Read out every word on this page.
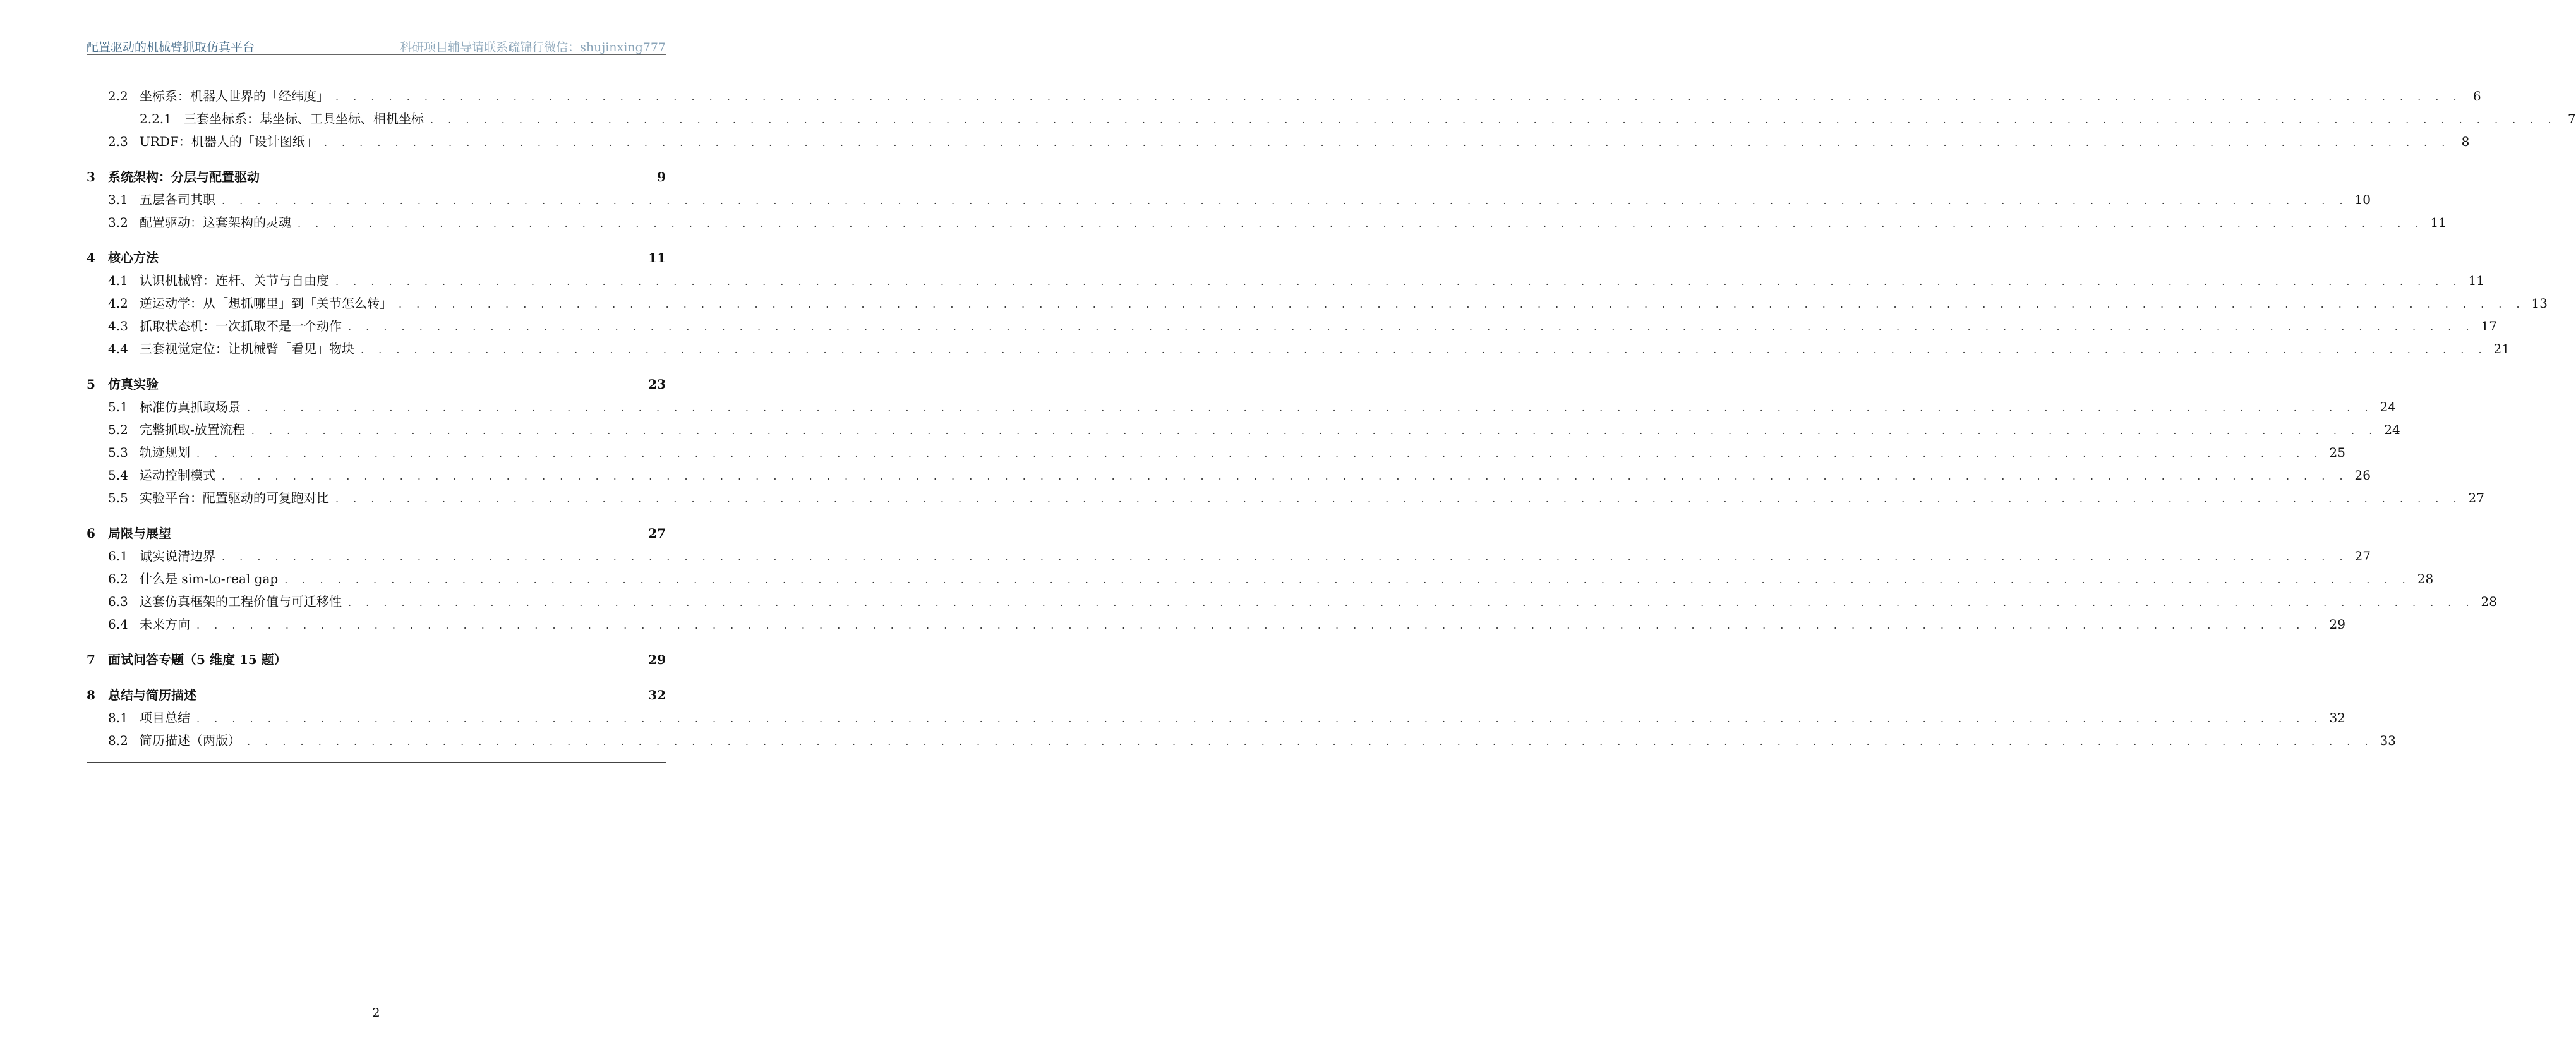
配置驱动的机械臂抓取仿真平台	科研项目辅导请联系疏锦行微信：shujinxing777
2.2 坐标系：机器人世界的「经纬度」 . . . . . . . . . . . . . . . . . . . . . . . . . . . . . . . . . . . . . . . . . . . . . . . . . . . . . . . . . . . . . . . . . . . . . . . . . . . . . . . . . . . . . . . . . . . . . . . . . . . . . . . . . . . . . . . . . . . . . . . . 6
2.2.1 三套坐标系：基坐标、工具坐标、相机坐标 . . . . . . . . . . . . . . . . . . . . . . . . . . . . . . . . . . . . . . . . . . . . . . . . . . . . . . . . . . . . . . . . . . . . . . . . . . . . . . . . . . . . . . . . . . . . . . . . . . . . . . . . . . . . . . . . . . . . . . . . 7
2.3 URDF：机器人的「设计图纸」 . . . . . . . . . . . . . . . . . . . . . . . . . . . . . . . . . . . . . . . . . . . . . . . . . . . . . . . . . . . . . . . . . . . . . . . . . . . . . . . . . . . . . . . . . . . . . . . . . . . . . . . . . . . . . . . . . . . . . . . . 8
3	系统架构：分层与配置驱动	9
3.1 五层各司其职 . . . . . . . . . . . . . . . . . . . . . . . . . . . . . . . . . . . . . . . . . . . . . . . . . . . . . . . . . . . . . . . . . . . . . . . . . . . . . . . . . . . . . . . . . . . . . . . . . . . . . . . . . . . . . . . . . . . . . . . . 10
3.2 配置驱动：这套架构的灵魂 . . . . . . . . . . . . . . . . . . . . . . . . . . . . . . . . . . . . . . . . . . . . . . . . . . . . . . . . . . . . . . . . . . . . . . . . . . . . . . . . . . . . . . . . . . . . . . . . . . . . . . . . . . . . . . . . . . . . . . . . 11
4	核心方法	11
4.1 认识机械臂：连杆、关节与自由度 . . . . . . . . . . . . . . . . . . . . . . . . . . . . . . . . . . . . . . . . . . . . . . . . . . . . . . . . . . . . . . . . . . . . . . . . . . . . . . . . . . . . . . . . . . . . . . . . . . . . . . . . . . . . . . . . . . . . . . . . 11
4.2 逆运动学：从「想抓哪里」到「关节怎么转」 . . . . . . . . . . . . . . . . . . . . . . . . . . . . . . . . . . . . . . . . . . . . . . . . . . . . . . . . . . . . . . . . . . . . . . . . . . . . . . . . . . . . . . . . . . . . . . . . . . . . . . . . . . . . . . . . . . . . . . . . 13
4.3 抓取状态机：一次抓取不是一个动作 . . . . . . . . . . . . . . . . . . . . . . . . . . . . . . . . . . . . . . . . . . . . . . . . . . . . . . . . . . . . . . . . . . . . . . . . . . . . . . . . . . . . . . . . . . . . . . . . . . . . . . . . . . . . . . . . . . . . . . . . 17
4.4 三套视觉定位：让机械臂「看见」物块 . . . . . . . . . . . . . . . . . . . . . . . . . . . . . . . . . . . . . . . . . . . . . . . . . . . . . . . . . . . . . . . . . . . . . . . . . . . . . . . . . . . . . . . . . . . . . . . . . . . . . . . . . . . . . . . . . . . . . . . . 21
5	仿真实验	23
5.1 标准仿真抓取场景 . . . . . . . . . . . . . . . . . . . . . . . . . . . . . . . . . . . . . . . . . . . . . . . . . . . . . . . . . . . . . . . . . . . . . . . . . . . . . . . . . . . . . . . . . . . . . . . . . . . . . . . . . . . . . . . . . . . . . . . . 24
5.2 完整抓取-放置流程 . . . . . . . . . . . . . . . . . . . . . . . . . . . . . . . . . . . . . . . . . . . . . . . . . . . . . . . . . . . . . . . . . . . . . . . . . . . . . . . . . . . . . . . . . . . . . . . . . . . . . . . . . . . . . . . . . . . . . . . . 24
5.3 轨迹规划 . . . . . . . . . . . . . . . . . . . . . . . . . . . . . . . . . . . . . . . . . . . . . . . . . . . . . . . . . . . . . . . . . . . . . . . . . . . . . . . . . . . . . . . . . . . . . . . . . . . . . . . . . . . . . . . . . . . . . . . . 25
5.4 运动控制模式 . . . . . . . . . . . . . . . . . . . . . . . . . . . . . . . . . . . . . . . . . . . . . . . . . . . . . . . . . . . . . . . . . . . . . . . . . . . . . . . . . . . . . . . . . . . . . . . . . . . . . . . . . . . . . . . . . . . . . . . . 26
5.5 实验平台：配置驱动的可复跑对比 . . . . . . . . . . . . . . . . . . . . . . . . . . . . . . . . . . . . . . . . . . . . . . . . . . . . . . . . . . . . . . . . . . . . . . . . . . . . . . . . . . . . . . . . . . . . . . . . . . . . . . . . . . . . . . . . . . . . . . . . 27
6	局限与展望	27
6.1 诚实说清边界 . . . . . . . . . . . . . . . . . . . . . . . . . . . . . . . . . . . . . . . . . . . . . . . . . . . . . . . . . . . . . . . . . . . . . . . . . . . . . . . . . . . . . . . . . . . . . . . . . . . . . . . . . . . . . . . . . . . . . . . . 27
6.2 什么是 sim-to-real gap . . . . . . . . . . . . . . . . . . . . . . . . . . . . . . . . . . . . . . . . . . . . . . . . . . . . . . . . . . . . . . . . . . . . . . . . . . . . . . . . . . . . . . . . . . . . . . . . . . . . . . . . . . . . . . . . . . . . . . . . 28
6.3 这套仿真框架的工程价值与可迁移性 . . . . . . . . . . . . . . . . . . . . . . . . . . . . . . . . . . . . . . . . . . . . . . . . . . . . . . . . . . . . . . . . . . . . . . . . . . . . . . . . . . . . . . . . . . . . . . . . . . . . . . . . . . . . . . . . . . . . . . . . 28
6.4 未来方向 . . . . . . . . . . . . . . . . . . . . . . . . . . . . . . . . . . . . . . . . . . . . . . . . . . . . . . . . . . . . . . . . . . . . . . . . . . . . . . . . . . . . . . . . . . . . . . . . . . . . . . . . . . . . . . . . . . . . . . . . 29
7	面试问答专题（5 维度 15 题）	29
8	总结与简历描述	32
8.1 项目总结 . . . . . . . . . . . . . . . . . . . . . . . . . . . . . . . . . . . . . . . . . . . . . . . . . . . . . . . . . . . . . . . . . . . . . . . . . . . . . . . . . . . . . . . . . . . . . . . . . . . . . . . . . . . . . . . . . . . . . . . . 32
8.2 简历描述（两版） . . . . . . . . . . . . . . . . . . . . . . . . . . . . . . . . . . . . . . . . . . . . . . . . . . . . . . . . . . . . . . . . . . . . . . . . . . . . . . . . . . . . . . . . . . . . . . . . . . . . . . . . . . . . . . . . . . . . . . . . 33
2
